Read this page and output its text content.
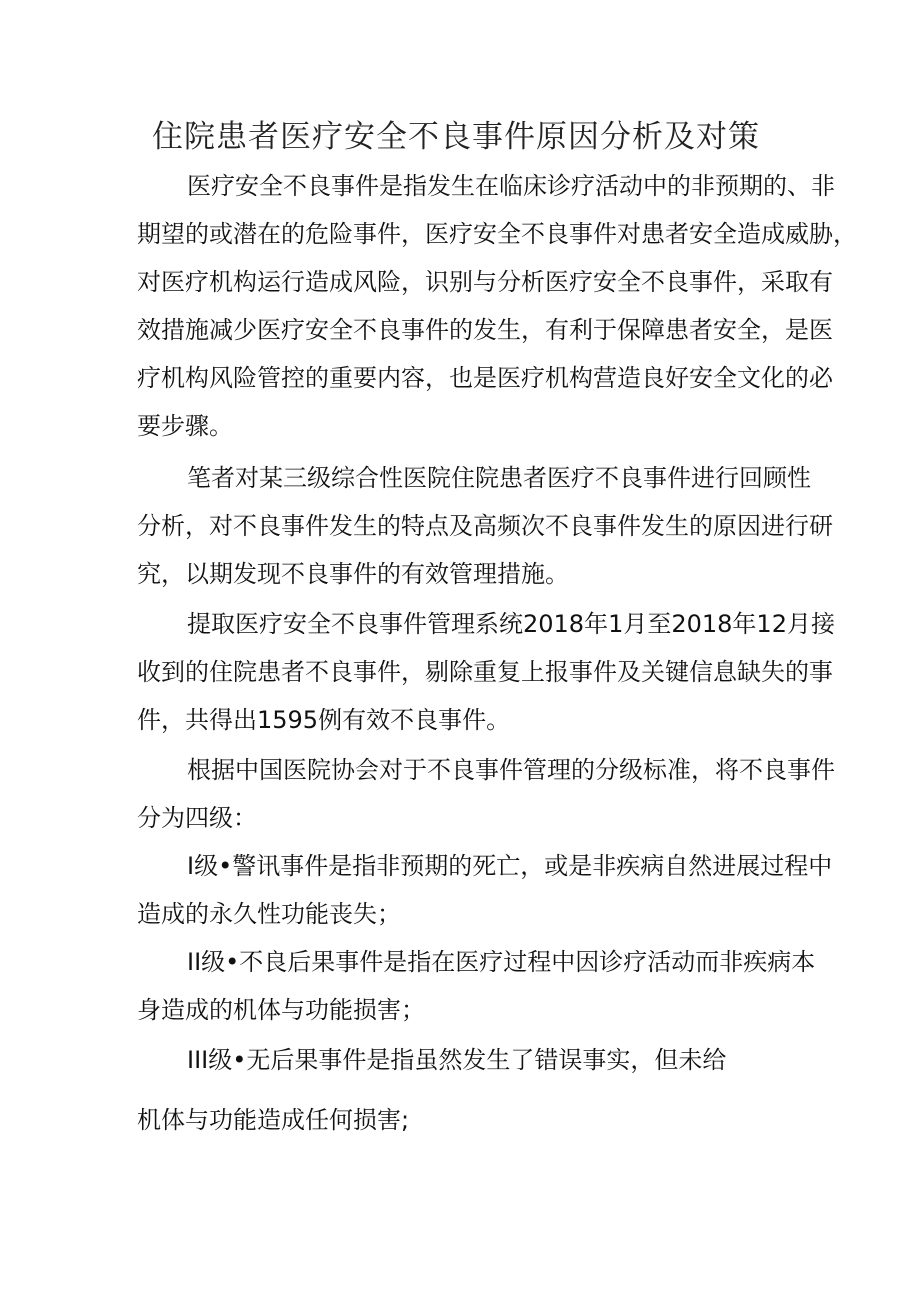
住院患者医疗安全不良事件原因分析及对策
医疗安全不良事件是指发生在临床诊疗活动中的非预期的、非
期望的或潜在的危险事件，医疗安全不良事件对患者安全造成威胁，
对医疗机构运行造成风险，识别与分析医疗安全不良事件，采取有
效措施减少医疗安全不良事件的发生，有利于保障患者安全，是医
疗机构风险管控的重要内容，也是医疗机构营造良好安全文化的必
要步骤。
笔者对某三级综合性医院住院患者医疗不良事件进行回顾性
分析，对不良事件发生的特点及高频次不良事件发生的原因进行研
究，以期发现不良事件的有效管理措施。
提取医疗安全不良事件管理系统2018年1月至2018年12月接
收到的住院患者不良事件，剔除重复上报事件及关键信息缺失的事
件，共得出1595例有效不良事件。
根据中国医院协会对于不良事件管理的分级标准，将不良事件
分为四级：
I级•警讯事件是指非预期的死亡，或是非疾病自然进展过程中
造成的永久性功能丧失；
II级•不良后果事件是指在医疗过程中因诊疗活动而非疾病本
身造成的机体与功能损害；
III级•无后果事件是指虽然发生了错误事实，但未给
机体与功能造成任何损害;
